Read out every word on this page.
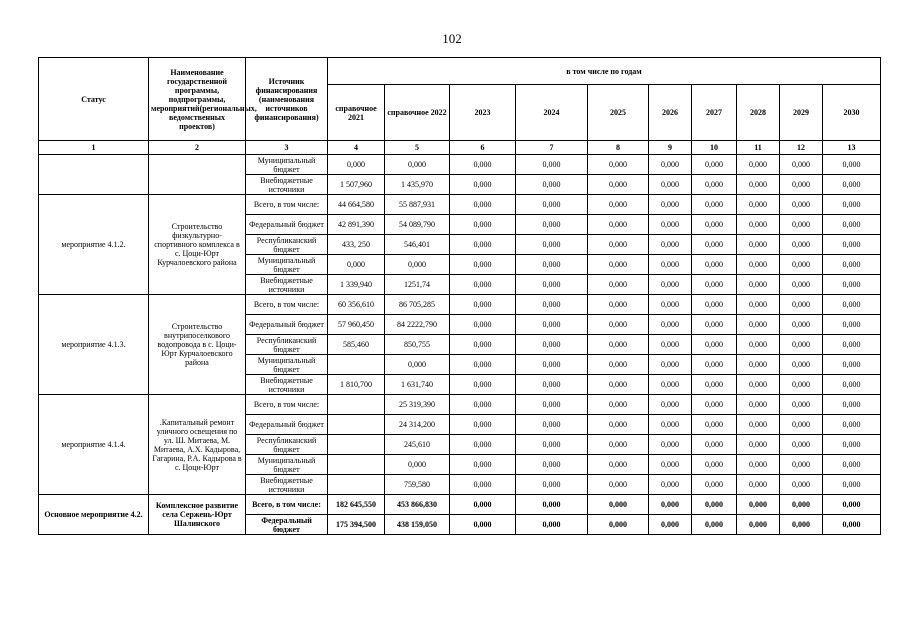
102
Статус	Наименование государственной программы, подпрограммы, мероприятий(региональных, ведомственных проектов)	Источник финансирования (наименования источников финансирования)	в том числе по годам									
			справочное 2021	справочное 2022	2023	2024	2025	2026	2027	2028	2029	2030
1	2	3	4	5	6	7	8	9	10	11	12	13
		Муниципальный бюджет	0,000	0,000	0,000	0,000	0,000	0,000	0,000	0,000	0,000	0,000
		Внебюджетные источники	1 507,960	1 435,970	0,000	0,000	0,000	0,000	0,000	0,000	0,000	0,000
мероприятие 4.1.2.	Строительство физкультурно-спортивного комплекса в с. Цоци-Юрт Курчалоевского района	Всего, в том числе:	44 664,580	55 887,931	0,000	0,000	0,000	0,000	0,000	0,000	0,000	0,000
		Федеральный бюджет	42 891,390	54 089,790	0,000	0,000	0,000	0,000	0,000	0,000	0,000	0,000
		Республиканский бюджет	433, 250	546,401	0,000	0,000	0,000	0,000	0,000	0,000	0,000	0,000
		Муниципальный бюджет	0,000	0,000	0,000	0,000	0,000	0,000	0,000	0,000	0,000	0,000
		Внебюджетные источники	1 339,940	1251,74	0,000	0,000	0,000	0,000	0,000	0,000	0,000	0,000
мероприятие 4.1.3.	Строительство внутрипоселкового водопровода в с. Цоци-Юрт Курчалоевского района	Всего, в том числе:	60 356,610	86 705,285	0,000	0,000	0,000	0,000	0,000	0,000	0,000	0,000
		Федеральный бюджет	57 960,450	84 2222,790	0,000	0,000	0,000	0,000	0,000	0,000	0,000	0,000
		Республиканский бюджет	585,460	850,755	0,000	0,000	0,000	0,000	0,000	0,000	0,000	0,000
		Муниципальный бюджет		0,000	0,000	0,000	0,000	0,000	0,000	0,000	0,000	0,000
		Внебюджетные источники	1 810,700	1 631,740	0,000	0,000	0,000	0,000	0,000	0,000	0,000	0,000
мероприятие 4.1.4.	.Капитальный ремонт уличного освещения по ул. Ш. Митаева, М. Митаева, А.Х. Кадырова, Гагарина, Р.А. Кадырова в с. Цоци-Юрт	Всего, в том числе:		25 319,390	0,000	0,000	0,000	0,000	0,000	0,000	0,000	0,000
		Федеральный бюджет		24 314,200	0,000	0,000	0,000	0,000	0,000	0,000	0,000	0,000
		Республиканский бюджет		245,610	0,000	0,000	0,000	0,000	0,000	0,000	0,000	0,000
		Муниципальный бюджет		0,000	0,000	0,000	0,000	0,000	0,000	0,000	0,000	0,000
		Внебюджетные источники		759,580	0,000	0,000	0,000	0,000	0,000	0,000	0,000	0,000
Основное мероприятие 4.2.	Комплексное развитие села Сержень-Юрт Шалинского	Всего, в том числе:	182 645,550	453 866,830	0,000	0,000	0,000	0,000	0,000	0,000	0,000	0,000
		Федеральный бюджет	175 394,500	438 159,050	0,000	0,000	0,000	0,000	0,000	0,000	0,000	0,000
